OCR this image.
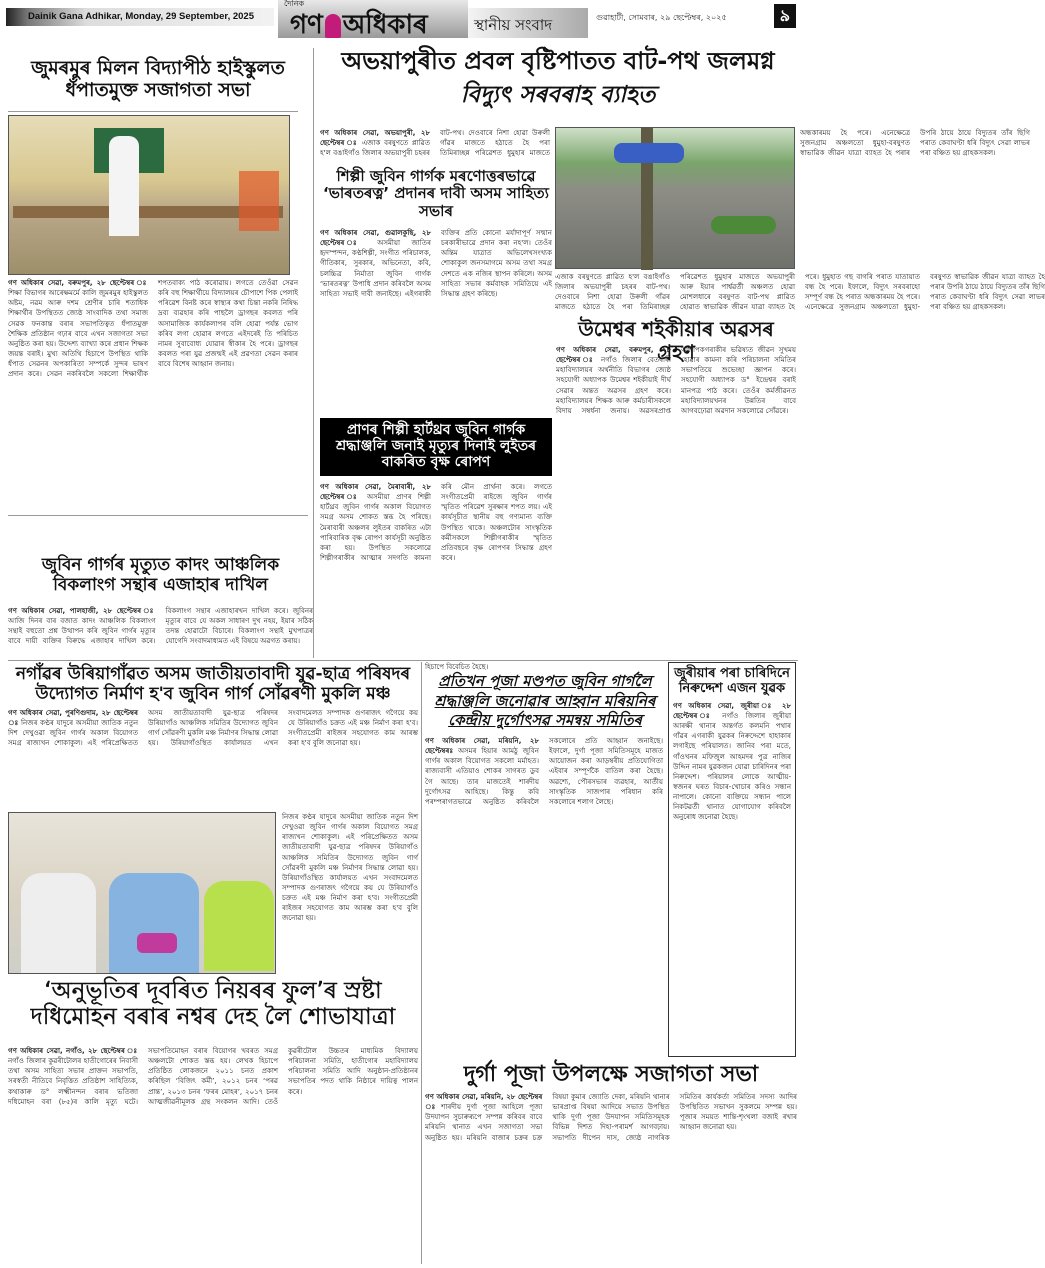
Dainik Gana Adhikar, Monday, 29 September, 2025
দৈনিক
গণ অধিকাৰ	স্থানীয় সংবাদ	গুৱাহাটী, সোমবাৰ, ২৯ ছেপ্টেম্বৰ, ২০২৫	৯
জুমৰমুৰ মিলন বিদ্যাপীঠ হাইস্কুলত ধঁপাতমুক্ত সজাগতা সভা
গণ অধিকাৰ সেৱা, বৰুমপুৰ, ২৮ ছেপ্টেম্বৰ ঃ শিক্ষা বিভাগৰ আৰেক্ষমৰ্মে কালি জুমৰমুৰ হাইস্কুলত অষ্টম, নৱম আৰু দশম শ্ৰেণীৰ চাৰি শতাধিক শিক্ষাৰ্থীৰ উপস্থিতত জ্যেষ্ঠ সাংবাদিক তথা সমাজ সেৱক ফনকান্ত বৰাৰ সভাপতিত্বত ধঁপাতমুক্ত শৈক্ষিক প্ৰতিষ্ঠান গঢ়াৰ বাবে এখন সজাগতা সভা অনুষ্ঠিত কৰা হয়। উদ্দেশ্য ব্যাখ্যা কৰে প্ৰধান শিক্ষক জয়ন্ত বৰাই। মুখ্য অতিথি হিচাপে উপস্থিত থাকি ধঁপাত সেৱনৰ অপকাৰিতা সম্পৰ্কে সুন্দৰ ভাষণ প্ৰদান কৰে। সেৱন নকৰিবলৈ সকলো শিক্ষাৰ্থীক শপতবাক্য পাঠ কৰোৱায়। লগতে তেওঁৱা সেৱন কৰি বহু শিক্ষাৰ্থীয়ে বিদ্যালয়ৰ চৌপাশে পিক পেলাই পৰিৱেশ বিনষ্ট কৰে স্বাস্থ্যৰ কথা চিন্তা নকৰি নিষিদ্ধ দ্ৰব্য ব্যৱহাৰ কৰি পাছলৈ ড্ৰাগছৰ কবলত পৰি অসামাজিক কাৰ্যকলাপৰ বলি হোৱা পৰ্যন্ত ভোগ কৰিব লগা হোৱাৰ লগতে এইদৰেই তি পৰিচিত নামৰ সুবাবোধ্য যোৱাৰ স্বীকাৰ হৈ পৰে। ড্ৰাগছৰ কবলত পৰা যুৱ প্ৰজন্মই এই প্ৰৱণতা সেৱন কৰাৰ বাবে বিশেষ আহ্বান জনায়।
জুবিন গাৰ্গৰ মৃত্যুত কাদং আঞ্চলিক বিকলাংগ সন্থাৰ এজাহাৰ দাখিল
গণ অধিকাৰ সেৱা, পালহাজী, ২৮ ছেপ্টেম্বৰ ঃ আজি দিনৰ বাৰ বজাত কাদং আঞ্চলিক বিকলাংগ সন্থাই বহুতো প্ৰশ্ন উত্থাপন কৰি জুবিন গাৰ্গৰ মৃত্যুৰ বাবে দায়ী ব্যক্তিৰ বিৰুদ্ধে এজাহাৰ দাখিল কৰে। বিকলাংগ সন্থাৰ এজাহাৰখন দাখিল কৰে। জুবিনৰ মৃত্যুৰ বাবে যে অকল সাধাৰণ দুখ নহয়, ইয়াৰ সঠিক তদন্ত হোৱাটো বিচাৰে। বিকলাংগ সন্থাই মুখপাত্ৰৰ যোগেদি সংবাদমাধ্যমত এই বিষয়ে অৱগত কৰায়।
অভয়াপুৰীত প্ৰবল বৃষ্টিপাতত বাট-পথ জলমগ্ন
বিদ্যুৎ সৰবৰাহ ব্যাহত
গণ অধিকাৰ সেৱা, অভয়াপুৰী, ২৮ ছেপ্টেম্বৰ ঃ এজাক বৰষুণতে প্লাৱিত হ'ল বঙাইগাঁও জিলাৰ অভয়াপুৰী চহৰৰ বাট-পথ। দেওবাৰে নিশা হোৱা উৰুলী গাঁৱৰ মাজতে হঠাতে হৈ পৰা তিমিৰাচ্ছন্ন পৰিৱেশত ধুমুহাৰ মাজতে অন্ধকাৰময় হৈ পৰে। এনেক্ষেত্ৰে সুজনগ্ৰাম অঞ্চলতো ধুমুহা-বৰষুণত স্বাভাৱিক জীৱন যাত্ৰা ব্যাহত হৈ পৰাৰ উপৰি ঠায়ে ঠায়ে বিদ্যুতৰ তাঁৰ ছিগি পৰাত কেবাঘণ্টা ধৰি বিদ্যুৎ সেৱা লাভৰ পৰা বঞ্চিত হয় গ্ৰাহকসকল।
এজাক বৰষুণতে প্লাৱিত হ'ল বঙাইগাঁও জিলাৰ অভয়াপুৰী চহৰৰ বাট-পথ। দেওবাৰে নিশা হোৱা উৰুলী গাঁৱৰ মাজতে হঠাতে হৈ পৰা তিমিৰাচ্ছন্ন পৰিৱেশত ধুমুহাৰ মাজতে অভয়াপুৰী আৰু ইয়াৰ পাৰ্শ্বৱৰ্তী অঞ্চলত হোৱা মোশলধাৰে বৰষুণত বাট-পথ প্লাৱিত হোৱাত স্বাভাৱিক জীৱন যাত্ৰা ব্যাহত হৈ পৰে। ধুমুহাত গছ বাগৰি পৰাত যাতায়াত বন্ধ হৈ পৰে। ইফালে, বিদ্যুৎ সৰবৰাহো সম্পূৰ্ণ বন্ধ হৈ পৰাত অন্ধকাৰময় হৈ পৰে। এনেক্ষেত্ৰে সুজনগ্ৰাম অঞ্চলতো ধুমুহা-বৰষুণত স্বাভাৱিক জীৱন যাত্ৰা ব্যাহত হৈ পৰাৰ উপৰি ঠায়ে ঠায়ে বিদ্যুতৰ তাঁৰ ছিগি পৰাত কেবাঘণ্টা ধৰি বিদ্যুৎ সেৱা লাভৰ পৰা বঞ্চিত হয় গ্ৰাহকসকল।
শিল্পী জুবিন গাৰ্গক মৰণোত্তৰভাৱে ‘ভাৰতৰত্ন’ প্ৰদানৰ দাবী অসম সাহিত্য সভাৰ
গণ অধিকাৰ সেৱা, গুৱালকুছি, ২৮ ছেপ্টেম্বৰ ঃ অসমীয়া জাতিৰ হৃদস্পন্দন, কণ্ঠশিল্পী, সংগীত পৰিচালক, গীতিকাৰ, সুৰকাৰ, অভিনেতা, কবি, চলচ্চিত্ৰ নিৰ্মাতা জুবিন গাৰ্গক ‘ভাৰতৰত্ন’ উপাধি প্ৰদান কৰিবলৈ অসম সাহিত্য সভাই দাবী জনাইছে। এইগৰাকী ব্যক্তিৰ প্ৰতি কোনো মৰ্যাদাপূৰ্ণ সন্মান চৰকাৰীভাৱে প্ৰদান কৰা নহ'ল। তেওঁৰ অন্তিম যাত্ৰাত অভিলেখসংখ্যক শোকাকুল জনসমাগমে অসম তথা সমগ্ৰ দেশতে এক নজিৰ স্থাপন কৰিলে। অসম সাহিত্য সভাৰ কৰ্মবাহক সমিতিয়ে এই সিদ্ধান্ত গ্ৰহণ কৰিছে।
প্ৰাণৰ শিল্পী হাৰ্টথ্ৰব জুবিন গাৰ্গক শ্ৰদ্ধাঞ্জলি জনাই মৃত্যুৰ দিনাই লুইতৰ বাকৰিত বৃক্ষ ৰোপণ
গণ অধিকাৰ সেৱা, মৈৰাবাৰী, ২৮ ছেপ্টেম্বৰ ঃ অসমীয়া প্ৰাণৰ শিল্পী হাৰ্টথ্ৰব জুবিন গাৰ্গৰ অকাল বিয়োগত সমগ্ৰ অসম শোকত স্তব্ধ হৈ পৰিছে। মৈৰাবাৰী অঞ্চলৰ লুইতৰ বাকৰিত এটা পাৰিবাৰিক বৃক্ষ ৰোপণ কাৰ্যসূচী অনুষ্ঠিত কৰা হয়। উপস্থিত সকলোৱে শিল্পীগৰাকীৰ আত্মাৰ সদগতি কামনা কৰি মৌন প্ৰাৰ্থনা কৰে। লগতে সংগীতপ্ৰেমী ৰাইজে জুবিন গাৰ্গৰ স্মৃতিত পৰিৱেশ সুৰক্ষাৰ শপত লয়। এই কাৰ্যসূচীত স্থানীয় বহু গণ্যমান্য ব্যক্তি উপস্থিত থাকে। অঞ্চলটোৰ সাংস্কৃতিক কৰ্মীসকলে শিল্পীগৰাকীৰ স্মৃতিত প্ৰতিবছৰে বৃক্ষ ৰোপণৰ সিদ্ধান্ত গ্ৰহণ কৰে।
উমেশ্বৰ শইকীয়াৰ অৱসৰ গ্ৰহণ
গণ অধিকাৰ সেৱা, বৰুমপুৰ, ২৮ ছেপ্টেম্বৰ ঃ নগাঁও জিলাৰ বেতবাৰী মহাবিদ্যালয়ৰ অৰ্থনীতি বিভাগৰ জ্যেষ্ঠ সহযোগী অধ্যাপক উমেশ্বৰ শইকীয়াই দীৰ্ঘ সেৱাৰ অন্তত অৱসৰ গ্ৰহণ কৰে। মহাবিদ্যালয়ৰ শিক্ষক আৰু কৰ্মচাৰীসকলে বিদায় সম্বৰ্ধনা জনায়। অৱসৰপ্ৰাপ্ত অধ্যাপকগৰাকীৰ ভৱিষ্যত জীৱন সুখময় হোৱাৰ কামনা কৰি পৰিচালনা সমিতিৰ সভাপতিয়ে শুভেচ্ছা জ্ঞাপন কৰে। সহযোগী অধ্যাপক ড° ইন্দ্ৰেশ্বৰ বৰাই মানপত্ৰ পাঠ কৰে। তেওঁৰ কৰ্মজীৱনত মহাবিদ্যালয়খনৰ উন্নতিৰ বাবে আগবঢ়োৱা অৱদান সকলোৱে সোঁৱৰে।
নগাঁৱৰ উৰিয়াগাঁৱত অসম জাতীয়তাবাদী যুৱ-ছাত্ৰ পৰিষদৰ উদ্যোগত নিৰ্মাণ হ'ব জুবিন গাৰ্গ সোঁৱৰণী মুকলি মঞ্চ
গণ অধিকাৰ সেৱা, পুৰণিগুদাম, ২৮ ছেপ্টেম্বৰ ঃ নিজৰ কণ্ঠৰ যাদুৰে অসমীয়া জাতিক নতুন দিশ দেখুওৱা জুবিন গাৰ্গৰ অকাল বিয়োগত সমগ্ৰ ৰাজ্যখন শোকাকুল। এই পৰিপ্ৰেক্ষিতত অসম জাতীয়তাবাদী যুৱ-ছাত্ৰ পৰিষদৰ উৰিয়াগাঁও আঞ্চলিক সমিতিৰ উদ্যোগত জুবিন গাৰ্গ সোঁৱৰণী মুকলি মঞ্চ নিৰ্মাণৰ সিদ্ধান্ত লোৱা হয়। উৰিয়াগাঁওস্থিত কাৰ্যালয়ত এখন সংবাদমেলত সম্পাদক গুণৰাজৎ গগৈয়ে কয় যে উৰিয়াগাঁও চক্ৰত এই মঞ্চ নিৰ্মাণ কৰা হ'ব। সংগীতপ্ৰেমী ৰাইজৰ সহযোগত কাম আৰম্ভ কৰা হ'ব বুলি জনোৱা হয়।
নিজৰ কণ্ঠৰ যাদুৰে অসমীয়া জাতিক নতুন দিশ দেখুওৱা জুবিন গাৰ্গৰ অকাল বিয়োগত সমগ্ৰ ৰাজ্যখন শোকাকুল। এই পৰিপ্ৰেক্ষিতত অসম জাতীয়তাবাদী যুৱ-ছাত্ৰ পৰিষদৰ উৰিয়াগাঁও আঞ্চলিক সমিতিৰ উদ্যোগত জুবিন গাৰ্গ সোঁৱৰণী মুকলি মঞ্চ নিৰ্মাণৰ সিদ্ধান্ত লোৱা হয়। উৰিয়াগাঁওস্থিত কাৰ্যালয়ত এখন সংবাদমেলত সম্পাদক গুণৰাজৎ গগৈয়ে কয় যে উৰিয়াগাঁও চক্ৰত এই মঞ্চ নিৰ্মাণ কৰা হ'ব। সংগীতপ্ৰেমী ৰাইজৰ সহযোগত কাম আৰম্ভ কৰা হ'ব বুলি জনোৱা হয়।
হিচাপে বিবেচিত হৈছে।
প্ৰতিখন পূজা মণ্ডপত জুবিন গাৰ্গলৈ শ্ৰদ্ধাঞ্জলি জনোৱাৰ আহ্বান মৰিয়নিৰ কেন্দ্ৰীয় দুৰ্গোৎসৱ সমন্বয় সমিতিৰ
গণ অধিকাৰ সেৱা, মৰিয়নি, ২৮ ছেপ্টেম্বৰঃ অসমৰ হিয়াৰ আমঠু জুবিন গাৰ্গৰ অকাল বিয়োগত সকলো মৰ্মাহত। ৰাজ্যবাসী এতিয়াও শোকৰ সাগৰত ডুব গৈ আছে। তাৰ মাজতেই শাৰদীয় দুৰ্গোৎসৱ আহিছে। কিন্তু কবি পৰম্পৰাগতভাৱে অনুষ্ঠিত কৰিবলৈ সকলোৰে প্ৰতি আহ্বান জনাইছে। ইফালে, দুৰ্গা পূজা সমিতিসমূহে মাজত আয়োজন কৰা আড়ম্বৰীয় প্ৰতিযোগিতা এইবাৰ সম্পূৰ্ণকৈ বাতিল কৰা হৈছে। অৱশ্যে, পৌৰসভাৰ ব্যৱহাৰ, আৰ্তীয় সাংস্কৃতিক সাজপাৰ পৰিধান কৰি সকলোৰে শলাগ লৈছে।
জুৰীয়াৰ পৰা চাৰিদিনে নিৰুদ্দেশ এজন যুৱক
গণ অধিকাৰ সেৱা, জুৰীয়া ঃ ২৮ ছেপ্টেম্বৰ ঃ নগাঁও জিলাৰ জুৰীয়া আৰক্ষী থানাৰ অন্তৰ্গত কলমনি পথাৰ গাঁৱৰ এগৰাকী যুৱকৰ নিৰুদ্দেশে হাহাকাৰ লগাইছে পৰিয়ালত। জানিব পৰা মতে, গাঁওখনৰ মফিজুল আহমদৰ পুত্ৰ নাজিৰ উদ্দিন নামৰ যুৱকজন যোৱা চাৰিদিনৰ পৰা নিৰুদ্দেশ। পৰিয়ালৰ লোকে আত্মীয়-স্বজনৰ ঘৰত বিচাৰ-খোচাৰ কৰিও সন্ধান নাপালে। কোনো ব্যক্তিয়ে সন্ধান পালে নিকটৱৰ্তী থানাত যোগাযোগ কৰিবলৈ অনুৰোধ জনোৱা হৈছে।
‘অনুভূতিৰ দূবৰিত নিয়ৰৰ ফুল’ৰ স্ৰষ্টা দধিমোহন বৰাৰ নশ্বৰ দেহ লৈ শোভাযাত্ৰা
গণ অধিকাৰ সেৱা, নগাঁও, ২৮ ছেপ্টেম্বৰ ঃ নগাঁও জিলাৰ কুৱৰীটোলৰ হাতীগোৰেৰ নিবাসী তথা অসম সাহিত্য সভাৰ প্ৰাক্তন সভাপতি, সৰস্বতী নীতিবে নিবৃত্তিত প্ৰতিষ্ঠাশ সাহিত্যিক, কথাকাৰু ড° লক্ষ্মীনন্দন বৰাৰ ভতিজা দধিমোহন বৰা (৮৫)ৰ কালি মৃত্যু ঘটে। সভাপতিমোহন বৰাৰ বিয়োগৰ খবৰত সমগ্ৰ অঞ্চলটো শোকত স্তব্ধ হয়। লেখক হিচাপে প্ৰতিষ্ঠিত লোকজনে ২০১১ চনত প্ৰকাশ কৰিছিল ‘বিজিৎ কৰ্মী’, ২০১২ চনৰ ‘পৰৱ প্ৰান্ত’, ২০১৩ চনৰ ‘ফৰৰ মোহৰ’, ২০১৭ চনৰ আত্মজীৱনীমূলক গ্ৰন্থ সংকলন আদি। তেওঁ কুৱৰীটোল উচ্চতৰ মাধ্যমিক বিদ্যালয় পৰিচালনা সমিতি, হাতীগোৰ মহাবিদ্যালয় পৰিচালনা সমিতি আদি অনুষ্ঠান-প্ৰতিষ্ঠানৰ সভাপতিৰ পদত থাকি নিষ্ঠাৰে দায়িত্ব পালন কৰে।
দুৰ্গা পূজা উপলক্ষে সজাগতা সভা
গণ অধিকাৰ সেৱা, মৰিয়নি, ২৮ ছেপ্টেম্বৰ ঃ শাৰদীয় দুৰ্গা পূজা আহিলে পূজা উদযাপন সুচাৰুৰূপে সম্পন্ন কৰিবৰ বাবে মৰিয়নি থানাত এখন সজাগতা সভা অনুষ্ঠিত হয়। মৰিয়নি বাজাৰ চক্ৰৰ চক্ৰ বিষয়া কুমাৰ জ্যোতি দেকা, মৰিয়নি থানাৰ ভাৰপ্ৰাপ্ত বিষয়া আদিয়ে সভাত উপস্থিত থাকি দুৰ্গা পূজা উদযাপন সমিতিসমূহক বিভিন্ন দিশত দিহা-পৰামৰ্শ আগবঢ়ায়। সভাপতি দীপেন দাস, জ্যেষ্ঠ নাগৰিক সমিতিৰ কাৰ্যকৰ্তা সমিতিৰ সদস্য আদিৰ উপস্থিতিত সভাখন সুকলমে সম্পন্ন হয়। পূজাৰ সময়ত শান্তি-শৃংখলা বজাই ৰখাৰ আহ্বান জনোৱা হয়।
